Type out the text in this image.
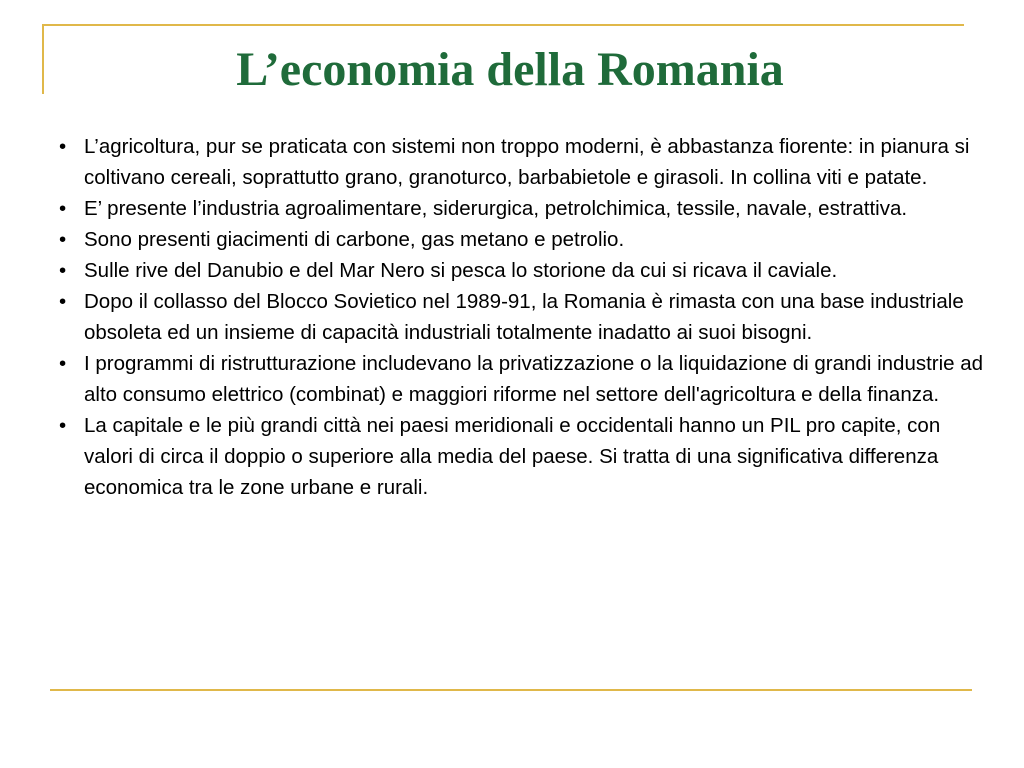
L’economia della Romania
• L’agricoltura, pur se praticata con sistemi non troppo moderni, è abbastanza fiorente: in pianura si coltivano cereali, soprattutto grano, granoturco, barbabietole e girasoli. In collina viti e patate.
• E’ presente l’industria agroalimentare, siderurgica, petrolchimica, tessile, navale, estrattiva.
• Sono presenti giacimenti di carbone, gas metano e petrolio.
• Sulle rive del Danubio e del Mar Nero si pesca lo storione da cui si ricava il caviale.
• Dopo il collasso del Blocco Sovietico nel 1989-91, la Romania è rimasta con una base industriale obsoleta ed un insieme di capacità industriali totalmente inadatto ai suoi bisogni.
• I programmi di ristrutturazione includevano la privatizzazione o la liquidazione di grandi industrie ad alto consumo elettrico (combinat) e maggiori riforme nel settore dell'agricoltura e della finanza.
• La capitale e le più grandi città nei paesi meridionali e occidentali hanno un PIL pro capite, con valori di circa il doppio o superiore alla media del paese. Si tratta di una significativa differenza economica tra le zone urbane e rurali.
